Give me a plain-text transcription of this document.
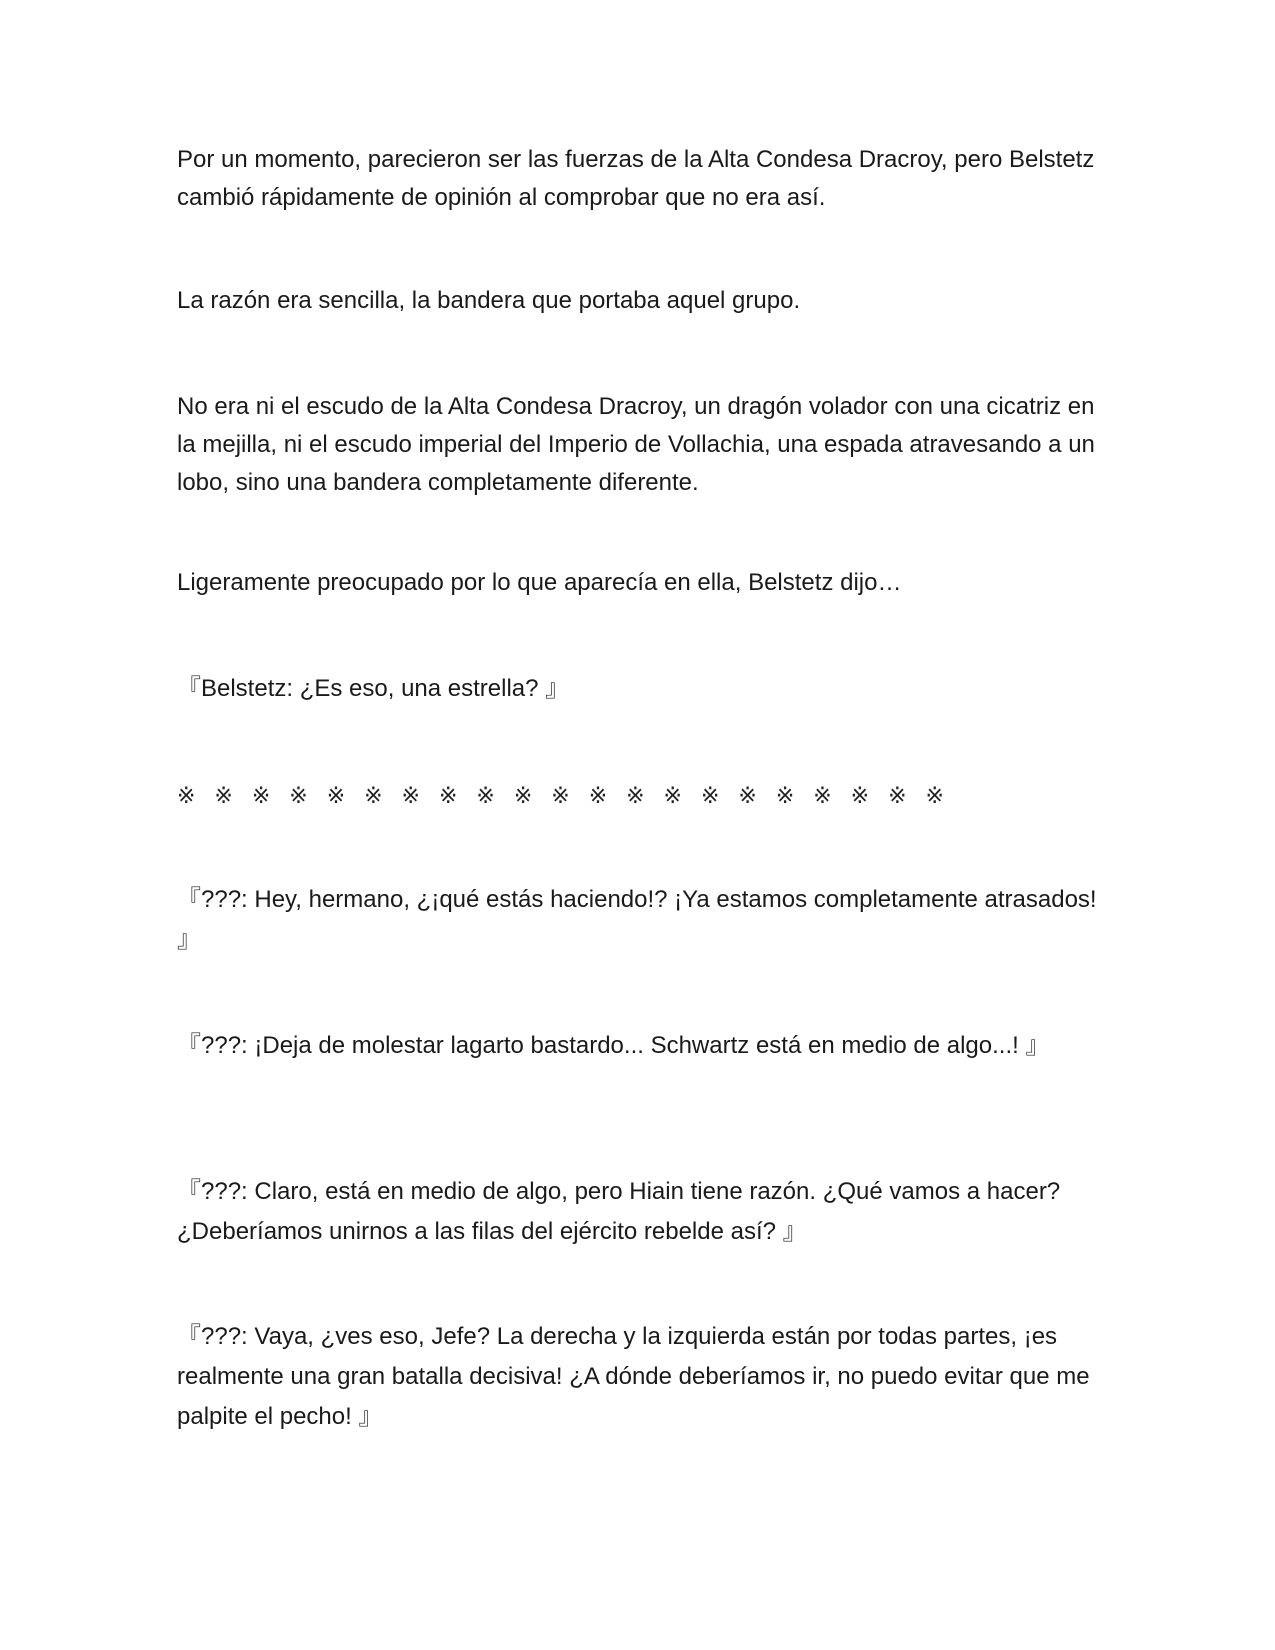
Por un momento, parecieron ser las fuerzas de la Alta Condesa Dracroy, pero Belstetz cambió rápidamente de opinión al comprobar que no era así.

La razón era sencilla, la bandera que portaba aquel grupo.

No era ni el escudo de la Alta Condesa Dracroy, un dragón volador con una cicatriz en la mejilla, ni el escudo imperial del Imperio de Vollachia, una espada atravesando a un lobo, sino una bandera completamente diferente.

Ligeramente preocupado por lo que aparecía en ella, Belstetz dijo…

『Belstetz: ¿Es eso, una estrella? 』

※ ※ ※ ※ ※ ※ ※ ※ ※ ※ ※ ※ ※ ※ ※ ※ ※ ※ ※ ※ ※

『???: Hey, hermano, ¿¡qué estás haciendo!? ¡Ya estamos completamente atrasados! 』

『???: ¡Deja de molestar lagarto bastardo... Schwartz está en medio de algo...! 』

『???: Claro, está en medio de algo, pero Hiain tiene razón. ¿Qué vamos a hacer? ¿Deberíamos unirnos a las filas del ejército rebelde así? 』

『???: Vaya, ¿ves eso, Jefe? La derecha y la izquierda están por todas partes, ¡es realmente una gran batalla decisiva! ¿A dónde deberíamos ir, no puedo evitar que me palpite el pecho! 』
